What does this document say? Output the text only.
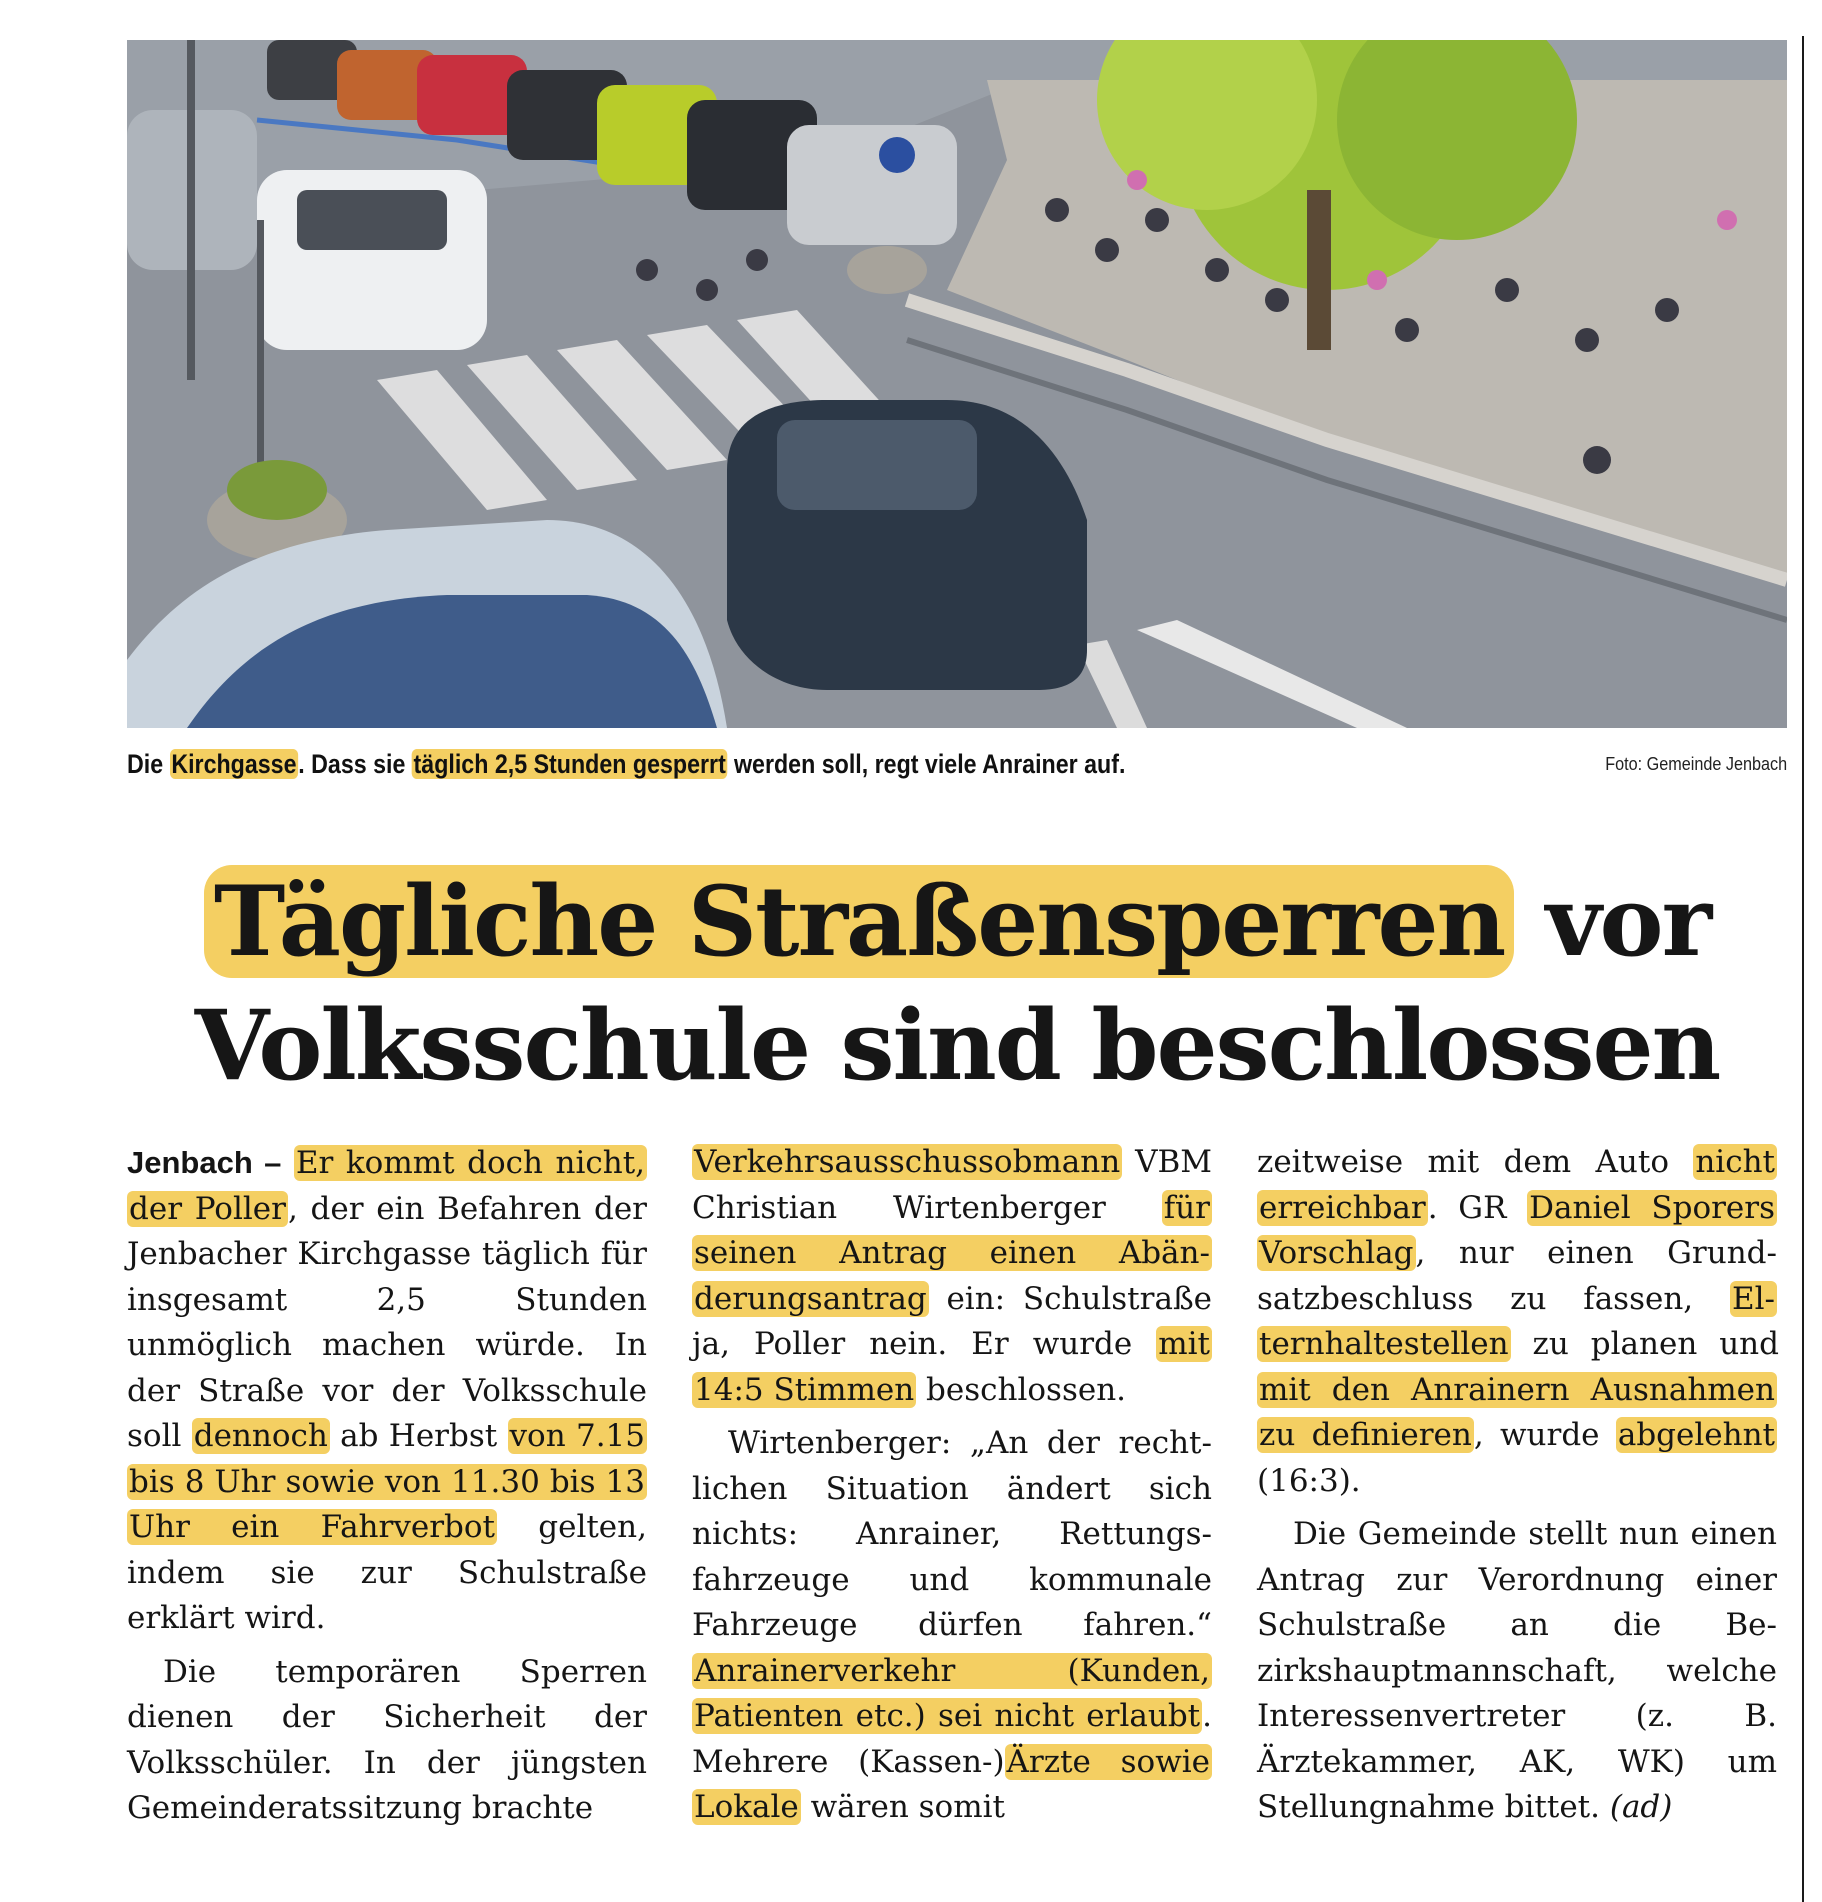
Die Kirchgasse. Dass sie täglich 2,5 Stunden gesperrt werden soll, regt viele Anrainer auf.	Foto: Gemeinde Jenbach
Tägliche Straßensperren vor
Volksschule sind beschlossen

Jenbach – Er kommt doch nicht, der Poller, der ein Befahren der Jenbacher Kirchgasse täglich für insgesamt 2,5 Stunden unmöglich machen würde. In der Straße vor der Volksschule soll dennoch ab Herbst von 7.15 bis 8 Uhr sowie von 11.30 bis 13 Uhr ein Fahrverbot gelten, indem sie zur Schulstraße erklärt wird.

Die temporären Sperren dienen der Sicherheit der Volksschüler. In der jüngsten Gemeinderatssitzung brachte

Verkehrsausschussobmann VBM Christian Wirtenberger für seinen Antrag einen Abänderungsantrag ein: Schulstraße ja, Poller nein. Er wurde mit 14:5 Stimmen beschlossen.

Wirtenberger: „An der rechtlichen Situation ändert sich nichts: Anrainer, Rettungsfahrzeuge und kommunale Fahrzeuge dürfen fahren.“ Anrainerverkehr (Kunden, Patienten etc.) sei nicht erlaubt. Mehrere (Kassen-)Ärzte sowie Lokale wären somit

zeitweise mit dem Auto nicht erreichbar. GR Daniel Sporers Vorschlag, nur einen Grundsatzbeschluss zu fassen, Elternhaltestellen zu planen und mit den Anrainern Ausnahmen zu definieren, wurde abgelehnt (16:3).

Die Gemeinde stellt nun einen Antrag zur Verordnung einer Schulstraße an die Bezirkshauptmannschaft, welche Interessenvertreter (z. B. Ärztekammer, AK, WK) um Stellungnahme bittet. (ad)
